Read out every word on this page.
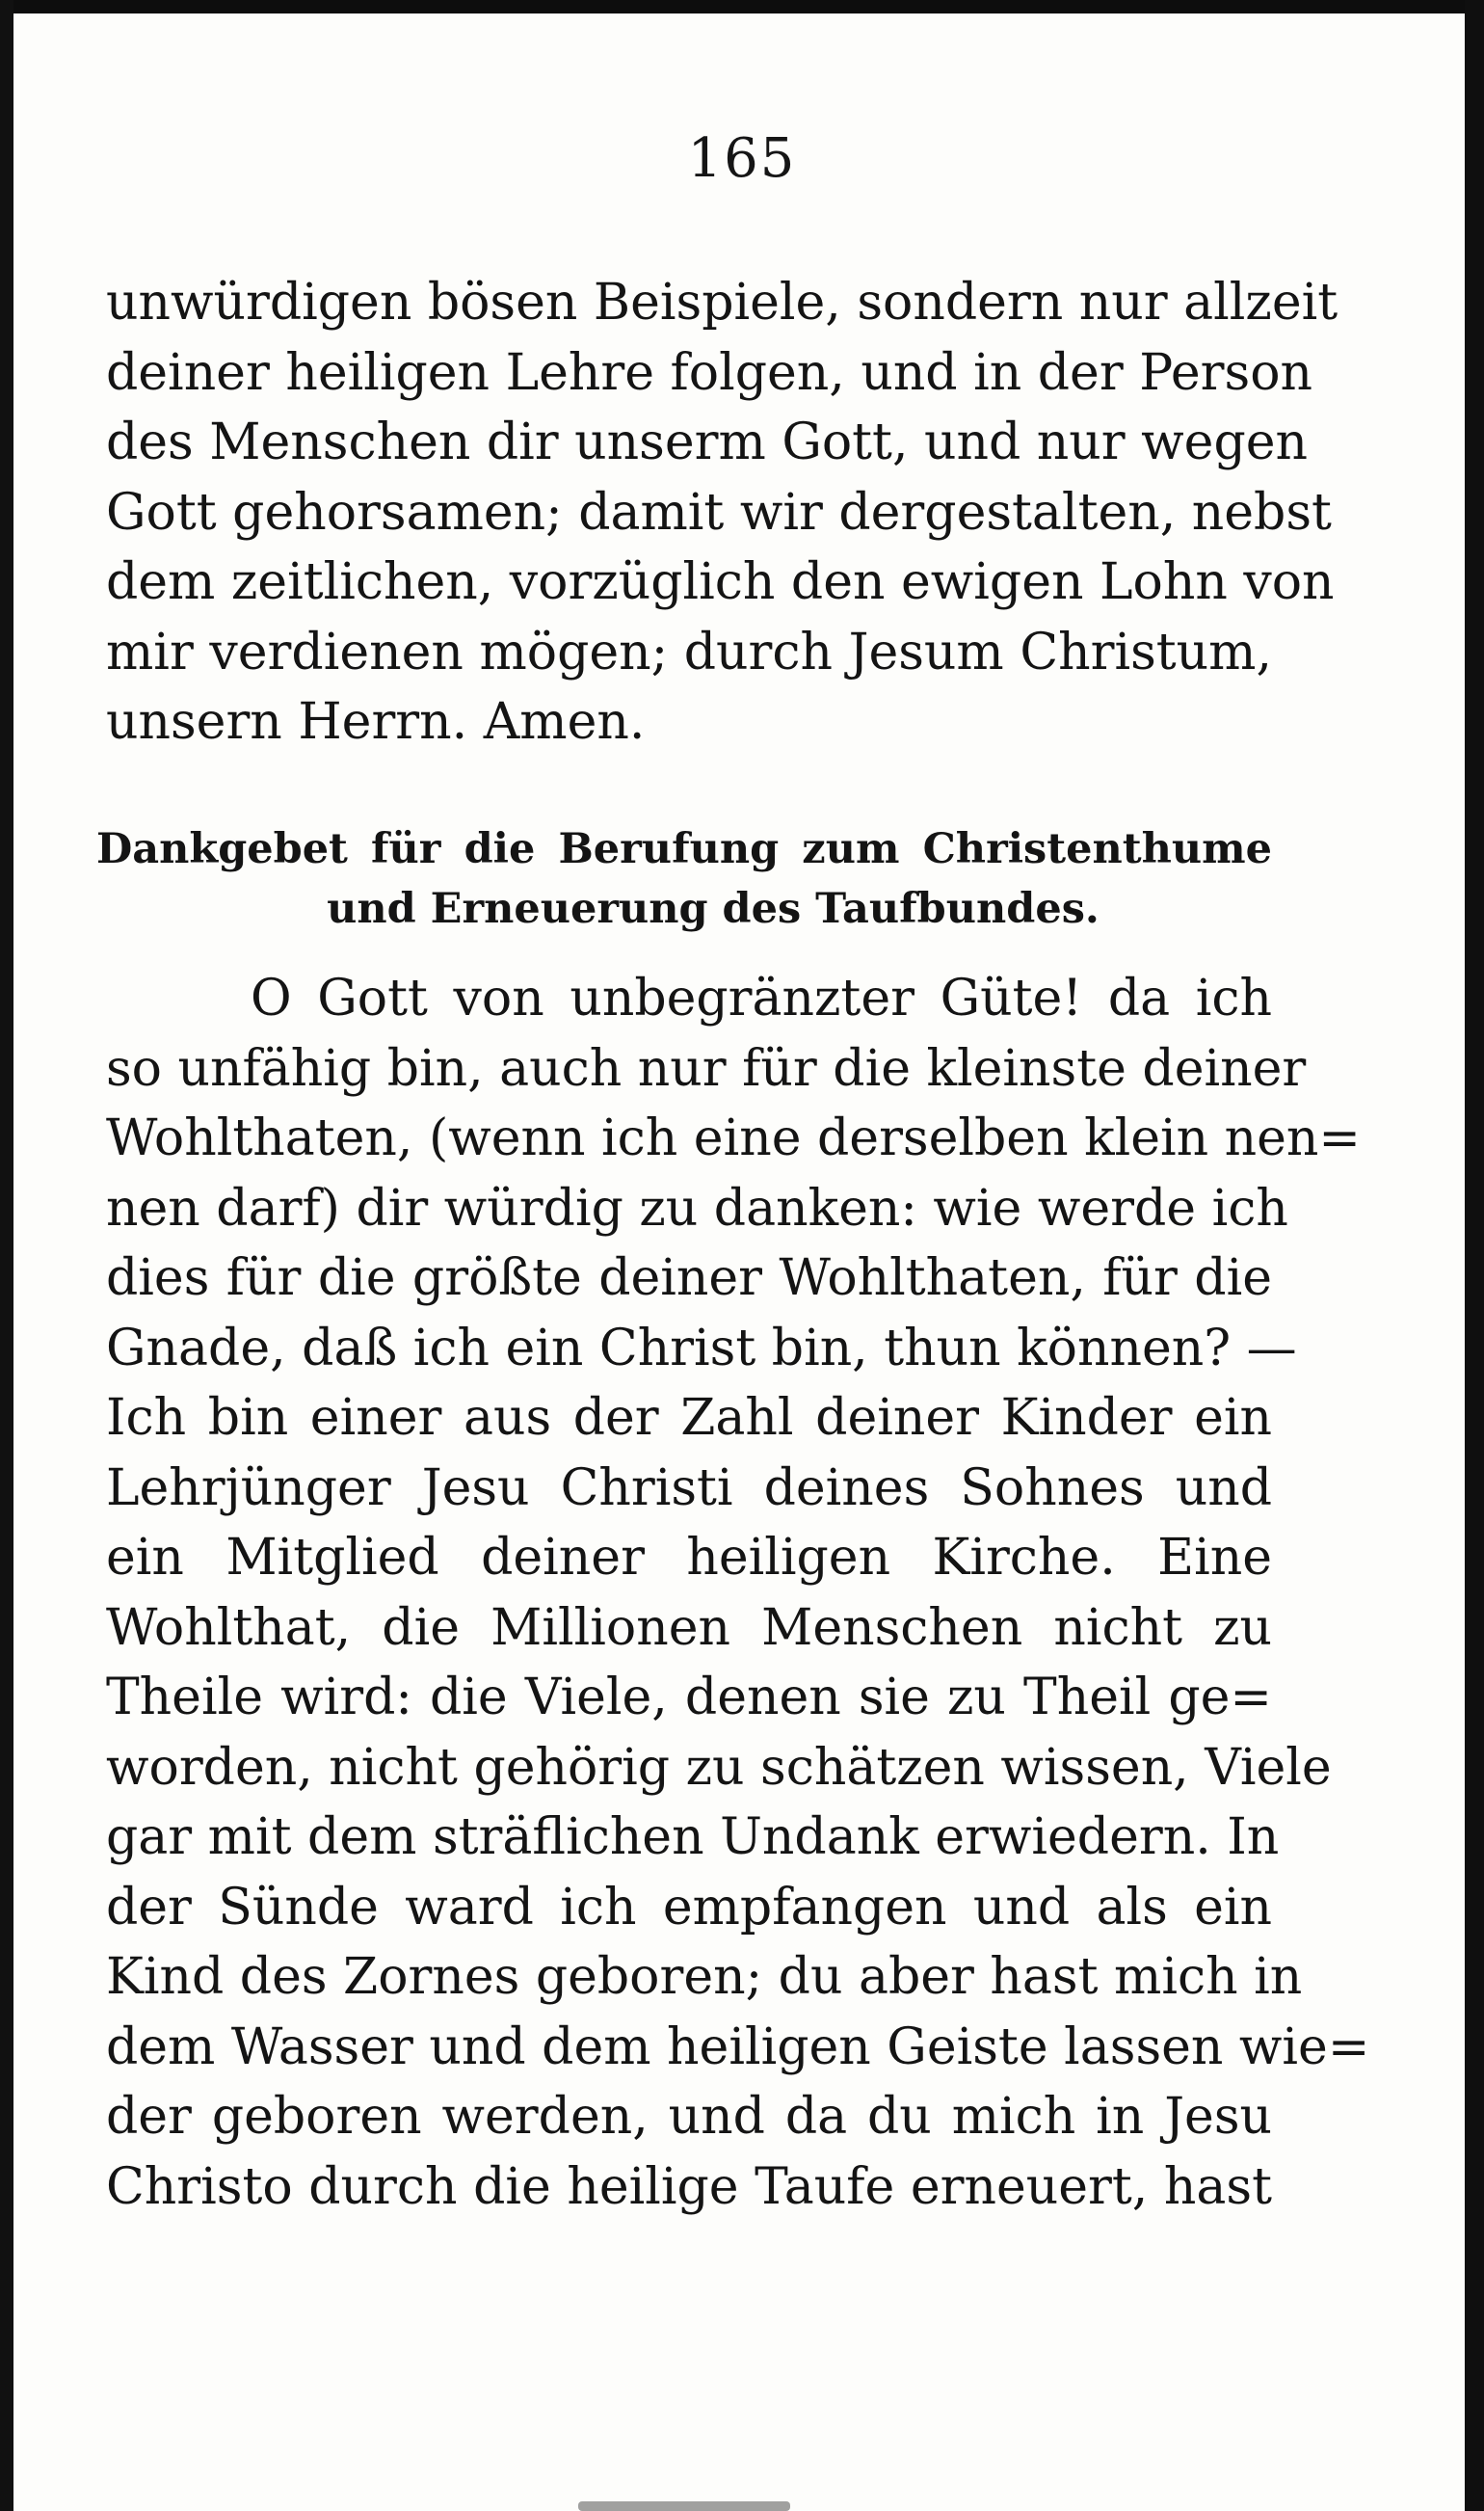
165
unwürdigen bösen Beispiele, sondern nur allzeit
deiner heiligen Lehre folgen, und in der Person
des Menschen dir unserm Gott, und nur wegen
Gott gehorsamen; damit wir dergestalten, nebst
dem zeitlichen, vorzüglich den ewigen Lohn von
mir verdienen mögen; durch Jesum Christum,
unsern Herrn. Amen.
Dankgebet für die Berufung zum Christenthume
und Erneuerung des Taufbundes.
O Gott von unbegränzter Güte! da ich
so unfähig bin, auch nur für die kleinste deiner
Wohlthaten, (wenn ich eine derselben klein nen=
nen darf) dir würdig zu danken: wie werde ich
dies für die größte deiner Wohlthaten, für die
Gnade, daß ich ein Christ bin, thun können? —
Ich bin einer aus der Zahl deiner Kinder ein
Lehrjünger Jesu Christi deines Sohnes und
ein Mitglied deiner heiligen Kirche. Eine
Wohlthat, die Millionen Menschen nicht zu
Theile wird: die Viele, denen sie zu Theil ge=
worden, nicht gehörig zu schätzen wissen, Viele
gar mit dem sträflichen Undank erwiedern. In
der Sünde ward ich empfangen und als ein
Kind des Zornes geboren; du aber hast mich in
dem Wasser und dem heiligen Geiste lassen wie=
der geboren werden, und da du mich in Jesu
Christo durch die heilige Taufe erneuert, hast
